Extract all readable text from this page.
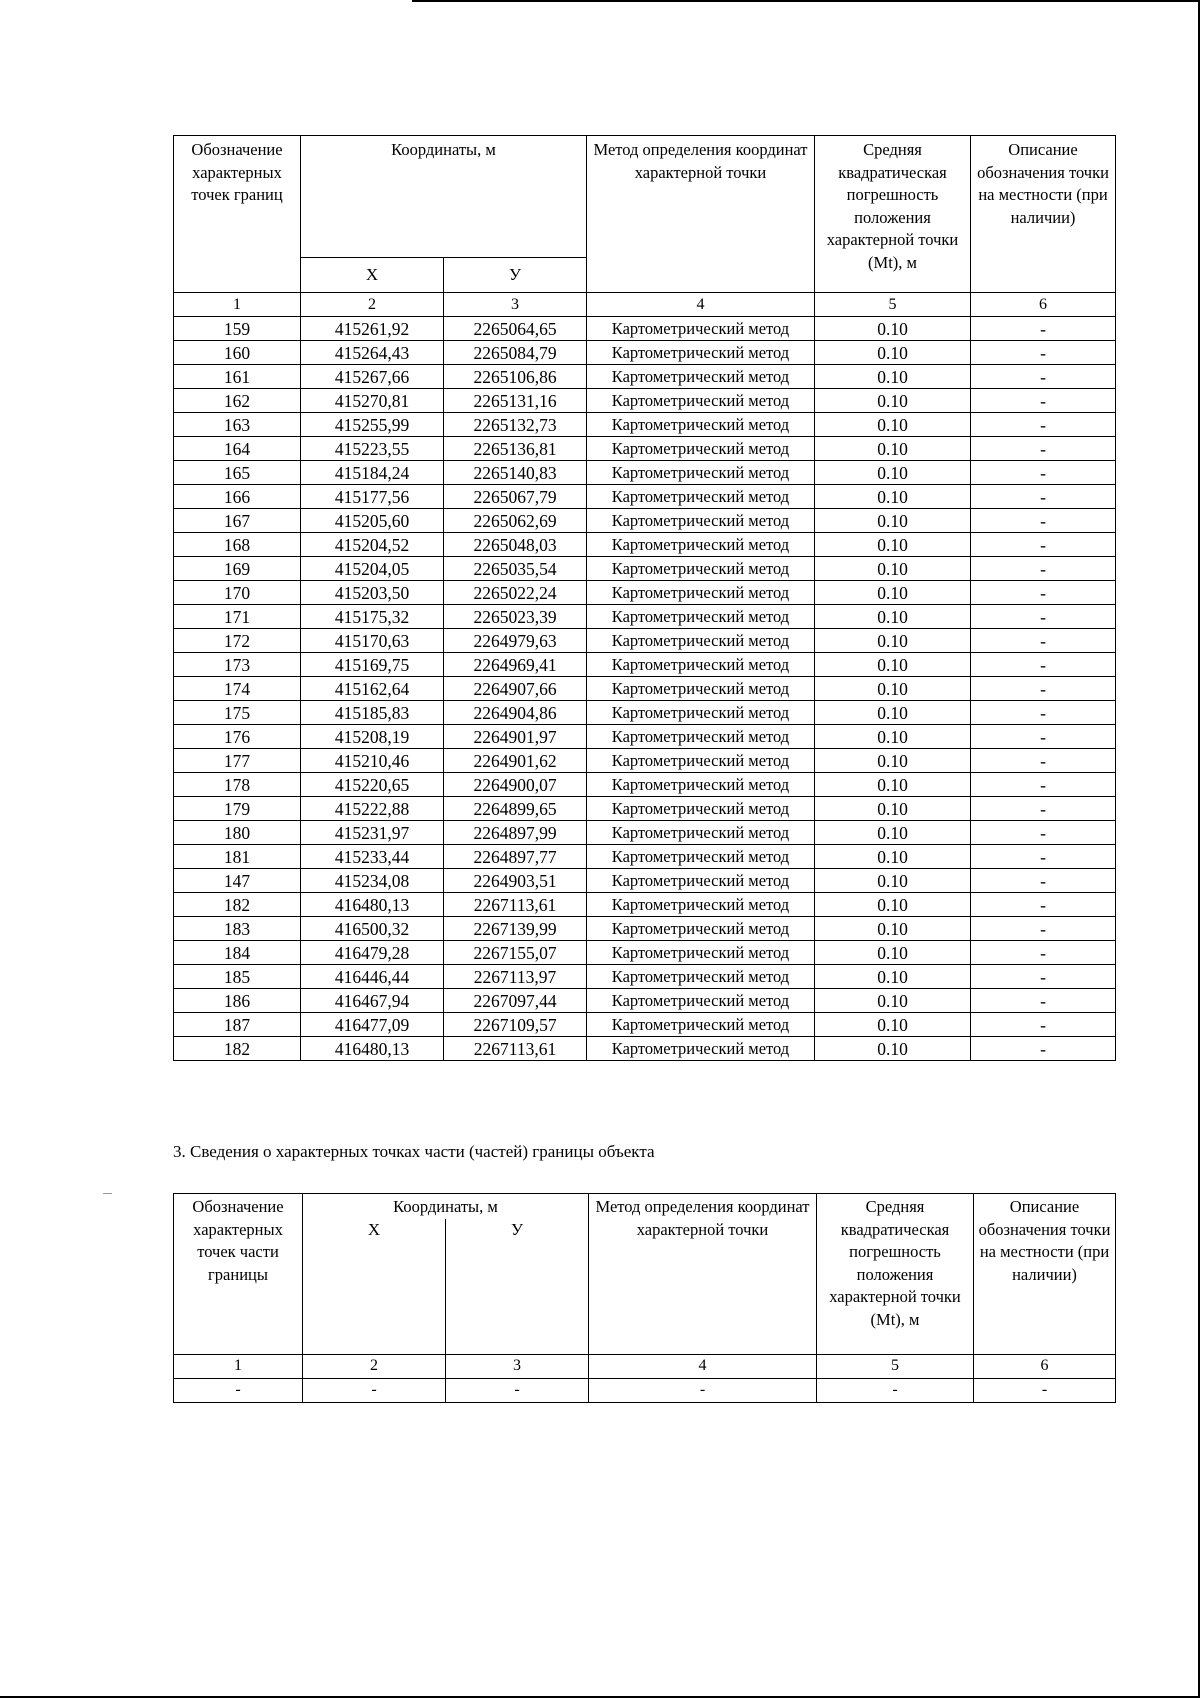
Обозначение характерных точек границ	Координаты, м		Метод определения координат характерной точки	Средняя квадратическая погрешность положения характерной точки (Mt), м	Описание обозначения точки на местности (при наличии)
	X	У			
1	2	3	4	5	6
159	415261,92	2265064,65	Картометрический метод	0.10	-
160	415264,43	2265084,79	Картометрический метод	0.10	-
161	415267,66	2265106,86	Картометрический метод	0.10	-
162	415270,81	2265131,16	Картометрический метод	0.10	-
163	415255,99	2265132,73	Картометрический метод	0.10	-
164	415223,55	2265136,81	Картометрический метод	0.10	-
165	415184,24	2265140,83	Картометрический метод	0.10	-
166	415177,56	2265067,79	Картометрический метод	0.10	-
167	415205,60	2265062,69	Картометрический метод	0.10	-
168	415204,52	2265048,03	Картометрический метод	0.10	-
169	415204,05	2265035,54	Картометрический метод	0.10	-
170	415203,50	2265022,24	Картометрический метод	0.10	-
171	415175,32	2265023,39	Картометрический метод	0.10	-
172	415170,63	2264979,63	Картометрический метод	0.10	-
173	415169,75	2264969,41	Картометрический метод	0.10	-
174	415162,64	2264907,66	Картометрический метод	0.10	-
175	415185,83	2264904,86	Картометрический метод	0.10	-
176	415208,19	2264901,97	Картометрический метод	0.10	-
177	415210,46	2264901,62	Картометрический метод	0.10	-
178	415220,65	2264900,07	Картометрический метод	0.10	-
179	415222,88	2264899,65	Картометрический метод	0.10	-
180	415231,97	2264897,99	Картометрический метод	0.10	-
181	415233,44	2264897,77	Картометрический метод	0.10	-
147	415234,08	2264903,51	Картометрический метод	0.10	-
182	416480,13	2267113,61	Картометрический метод	0.10	-
183	416500,32	2267139,99	Картометрический метод	0.10	-
184	416479,28	2267155,07	Картометрический метод	0.10	-
185	416446,44	2267113,97	Картометрический метод	0.10	-
186	416467,94	2267097,44	Картометрический метод	0.10	-
187	416477,09	2267109,57	Картометрический метод	0.10	-
182	416480,13	2267113,61	Картометрический метод	0.10	-

3. Сведения о характерных точках части (частей) границы объекта

Обозначение характерных точек части границы	Координаты, м		Метод определения координат характерной точки	Средняя квадратическая погрешность положения характерной точки (Mt), м	Описание обозначения точки на местности (при наличии)
	X	У			
1	2	3	4	5	6
-	-	-	-	-	-
